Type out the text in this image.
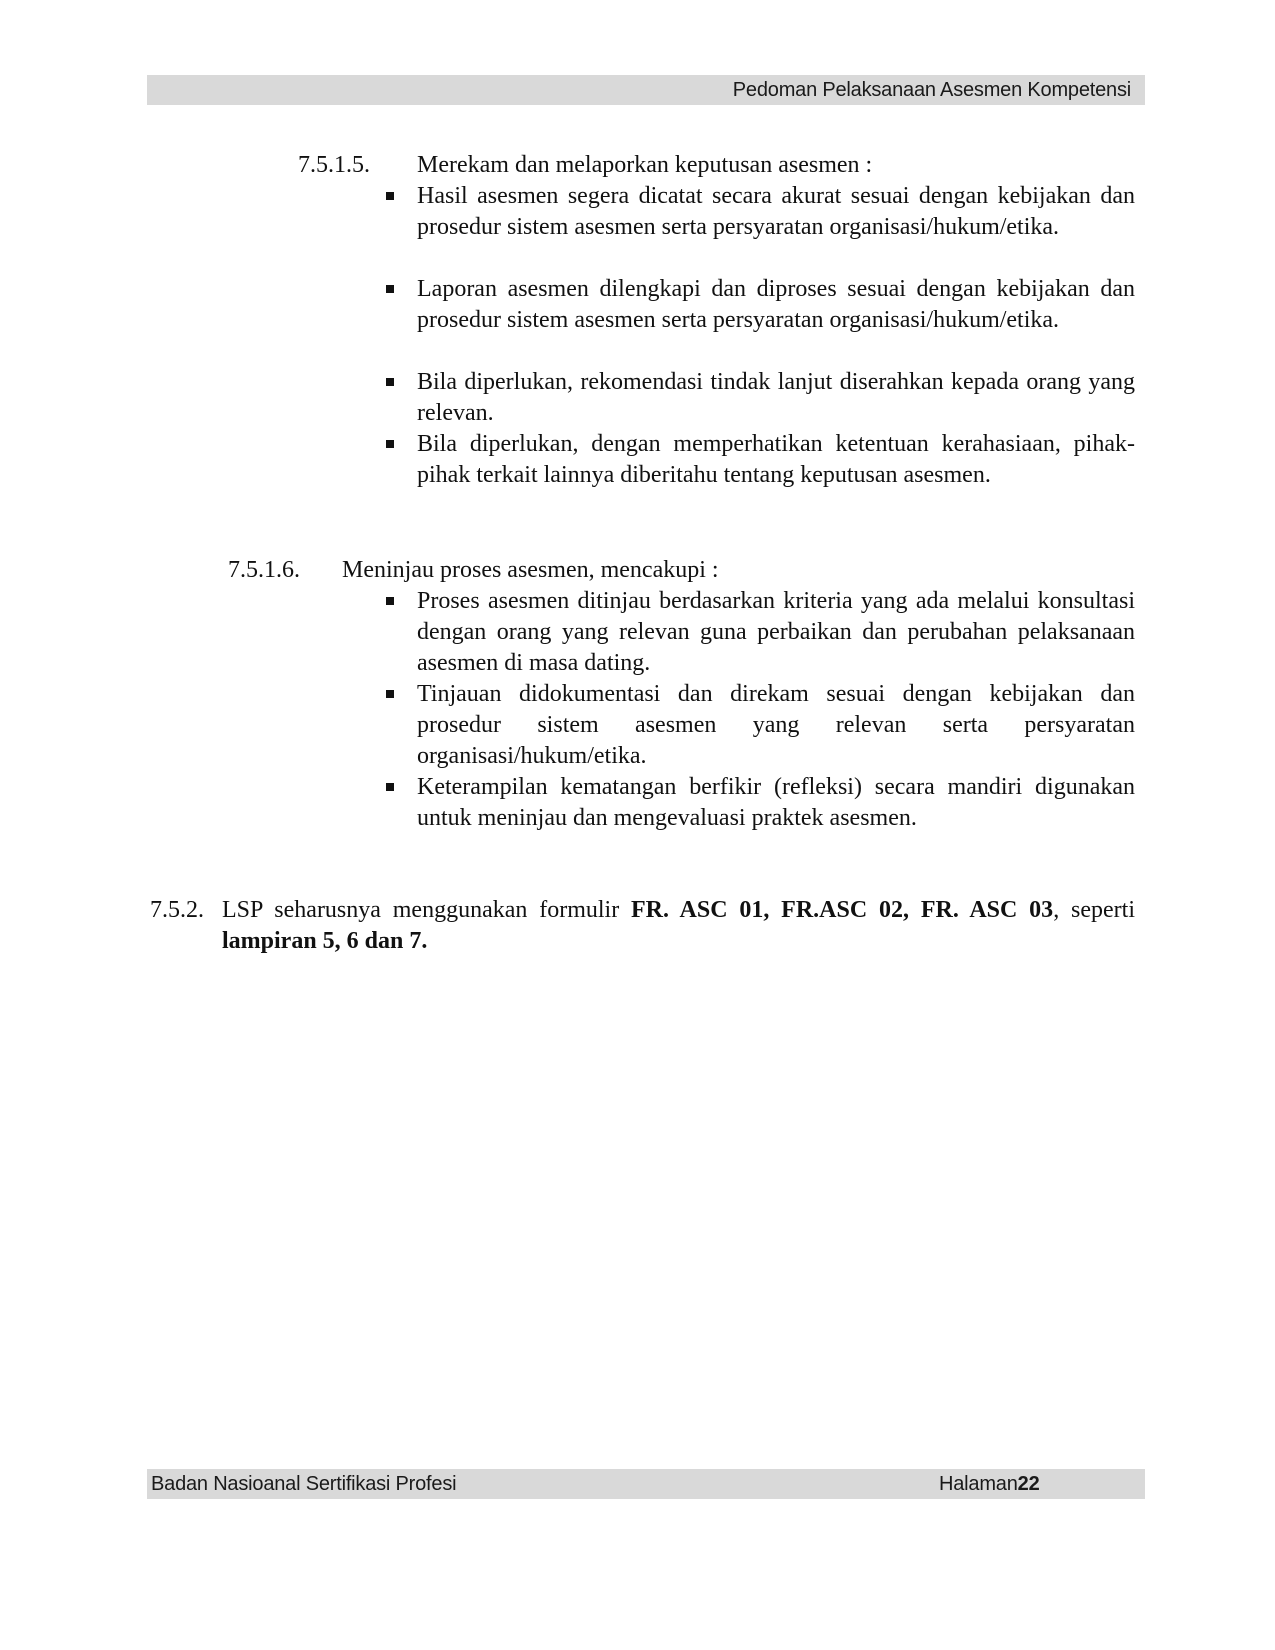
Pedoman Pelaksanaan Asesmen Kompetensi
7.5.1.5. Merekam dan melaporkan keputusan asesmen :
Hasil asesmen segera dicatat secara akurat sesuai dengan kebijakan dan prosedur sistem asesmen serta persyaratan organisasi/hukum/etika.
Laporan asesmen dilengkapi dan diproses sesuai dengan kebijakan dan prosedur sistem asesmen serta persyaratan organisasi/hukum/etika.
Bila diperlukan, rekomendasi tindak lanjut diserahkan kepada orang yang relevan.
Bila diperlukan, dengan memperhatikan ketentuan kerahasiaan, pihak-pihak terkait lainnya diberitahu tentang keputusan asesmen.
7.5.1.6. Meninjau proses asesmen, mencakupi :
Proses asesmen ditinjau berdasarkan kriteria yang ada melalui konsultasi dengan orang yang relevan guna perbaikan dan perubahan pelaksanaan asesmen di masa dating.
Tinjauan didokumentasi dan direkam sesuai dengan kebijakan dan prosedur sistem asesmen yang relevan serta persyaratan organisasi/hukum/etika.
Keterampilan kematangan berfikir (refleksi) secara mandiri digunakan untuk meninjau dan mengevaluasi praktek asesmen.
7.5.2. LSP seharusnya menggunakan formulir FR. ASC 01, FR.ASC 02, FR. ASC 03, seperti lampiran 5, 6 dan 7.
Badan Nasioanal Sertifikasi Profesi	Halaman22
